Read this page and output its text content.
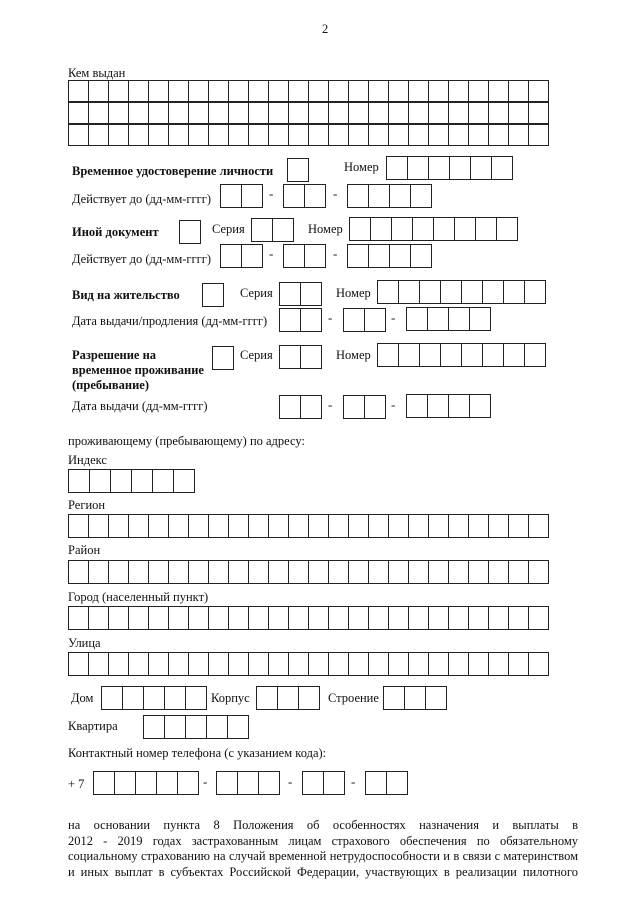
2
Кем выдан
Временное удостоверение личности	Номер
Действует до (дд-мм-гггг)	-	-
Иной документ	Серия	Номер
Действует до (дд-мм-гггг)	-	-
Вид на жительство	Серия	Номер
Дата выдачи/продления (дд-мм-гггг)	-	-
Разрешение на
временное проживание
(пребывание)
Серия	Номер
Дата выдачи (дд-мм-гггг)	-	-
проживающему (пребывающему) по адресу:
Индекс
Регион
Район
Город (населенный пункт)
Улица
Дом	Корпус	Строение
Квартира
Контактный номер телефона (с указанием кода):
+ 7	-	-	-
на основании пункта 8 Положения об особенностях назначения и выплаты в
2012 - 2019 годах застрахованным лицам страхового обеспечения по обязательному
социальному страхованию на случай временной нетрудоспособности и в связи с материнством
и иных выплат в субъектах Российской Федерации, участвующих в реализации пилотного
